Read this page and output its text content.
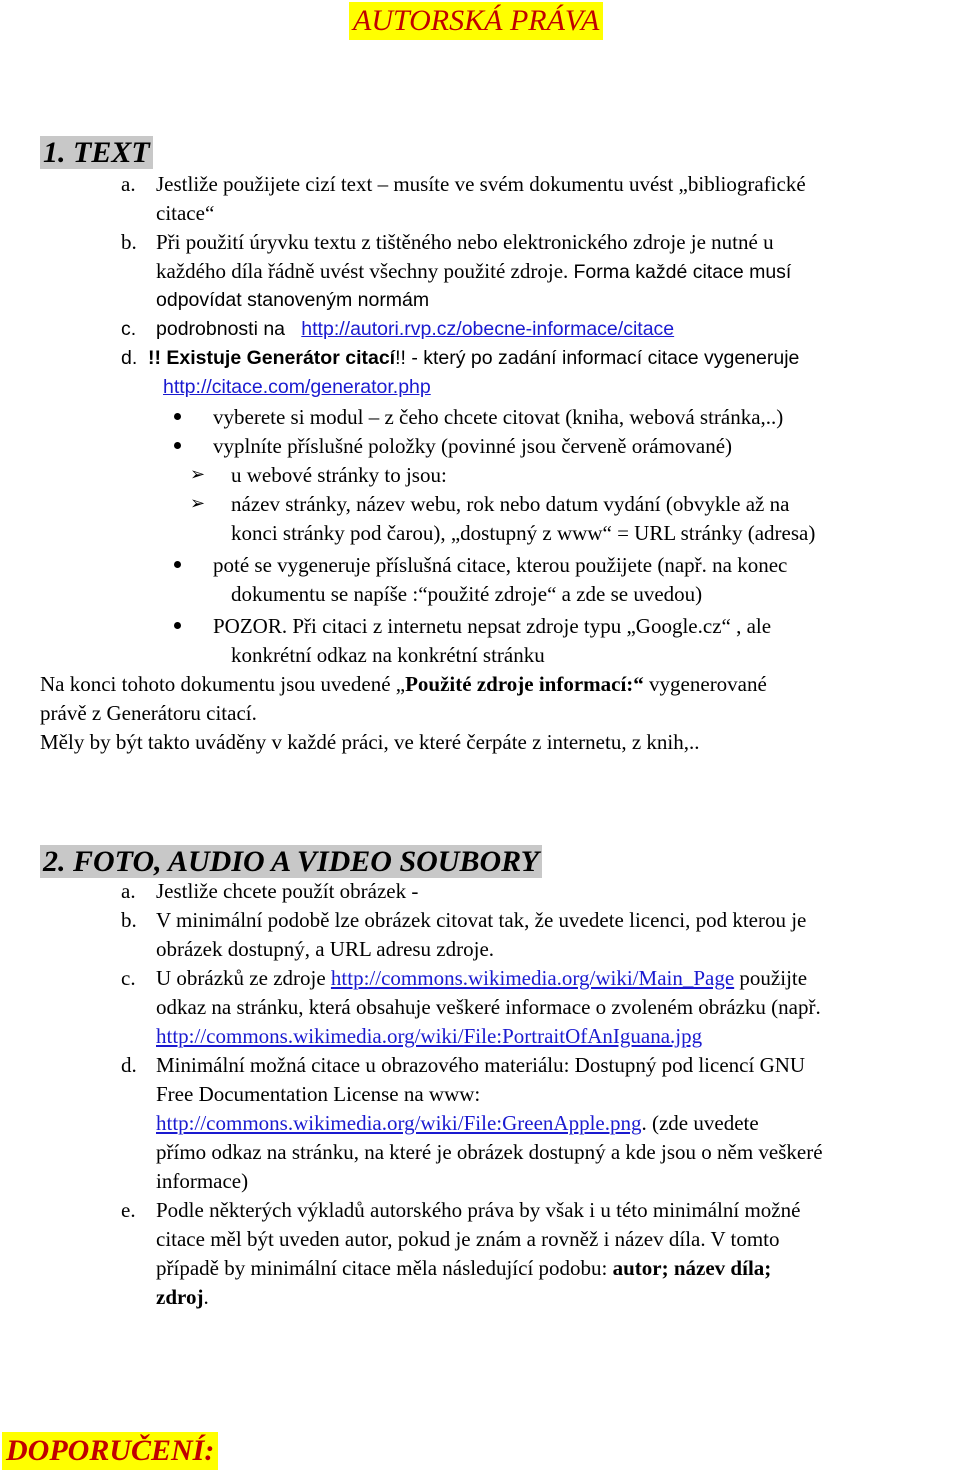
AUTORSKÁ PRÁVA
1. TEXT
a. Jestliže použijete cizí text – musíte ve svém dokumentu uvést „bibliografické
citace“
b. Při použití úryvku textu z tištěného nebo elektronického zdroje je nutné u
každého díla řádně uvést všechny použité zdroje. Forma každé citace musí
odpovídat stanoveným normám
c. podrobnosti na http://autori.rvp.cz/obecne-informace/citace
d. !! Existuje Generátor citací!! - který po zadání informací citace vygeneruje
http://citace.com/generator.php
vyberete si modul – z čeho chcete citovat (kniha, webová stránka,..)
vyplníte příslušné položky (povinné jsou červeně orámované)
➢ u webové stránky to jsou:
➢ název stránky, název webu, rok nebo datum vydání (obvykle až na
konci stránky pod čarou), „dostupný z www“ = URL stránky (adresa)
poté se vygeneruje příslušná citace, kterou použijete (např. na konec
dokumentu se napíše :“použité zdroje“ a zde se uvedou)
POZOR. Při citaci z internetu nepsat zdroje typu „Google.cz“ , ale
konkrétní odkaz na konkrétní stránku
Na konci tohoto dokumentu jsou uvedené „Použité zdroje informací:“ vygenerované
právě z Generátoru citací.
Měly by být takto uváděny v každé práci, ve které čerpáte z internetu, z knih,..
2. FOTO, AUDIO A VIDEO SOUBORY
a. Jestliže chcete použít obrázek -
b. V minimální podobě lze obrázek citovat tak, že uvedete licenci, pod kterou je
obrázek dostupný, a URL adresu zdroje.
c. U obrázků ze zdroje http://commons.wikimedia.org/wiki/Main_Page použijte
odkaz na stránku, která obsahuje veškeré informace o zvoleném obrázku (např.
http://commons.wikimedia.org/wiki/File:PortraitOfAnIguana.jpg
d. Minimální možná citace u obrazového materiálu: Dostupný pod licencí GNU
Free Documentation License na www:
http://commons.wikimedia.org/wiki/File:GreenApple.png. (zde uvedete
přímo odkaz na stránku, na které je obrázek dostupný a kde jsou o něm veškeré
informace)
e. Podle některých výkladů autorského práva by však i u této minimální možné
citace měl být uveden autor, pokud je znám a rovněž i název díla. V tomto
případě by minimální citace měla následující podobu: autor; název díla;
zdroj.
DOPORUČENÍ:
